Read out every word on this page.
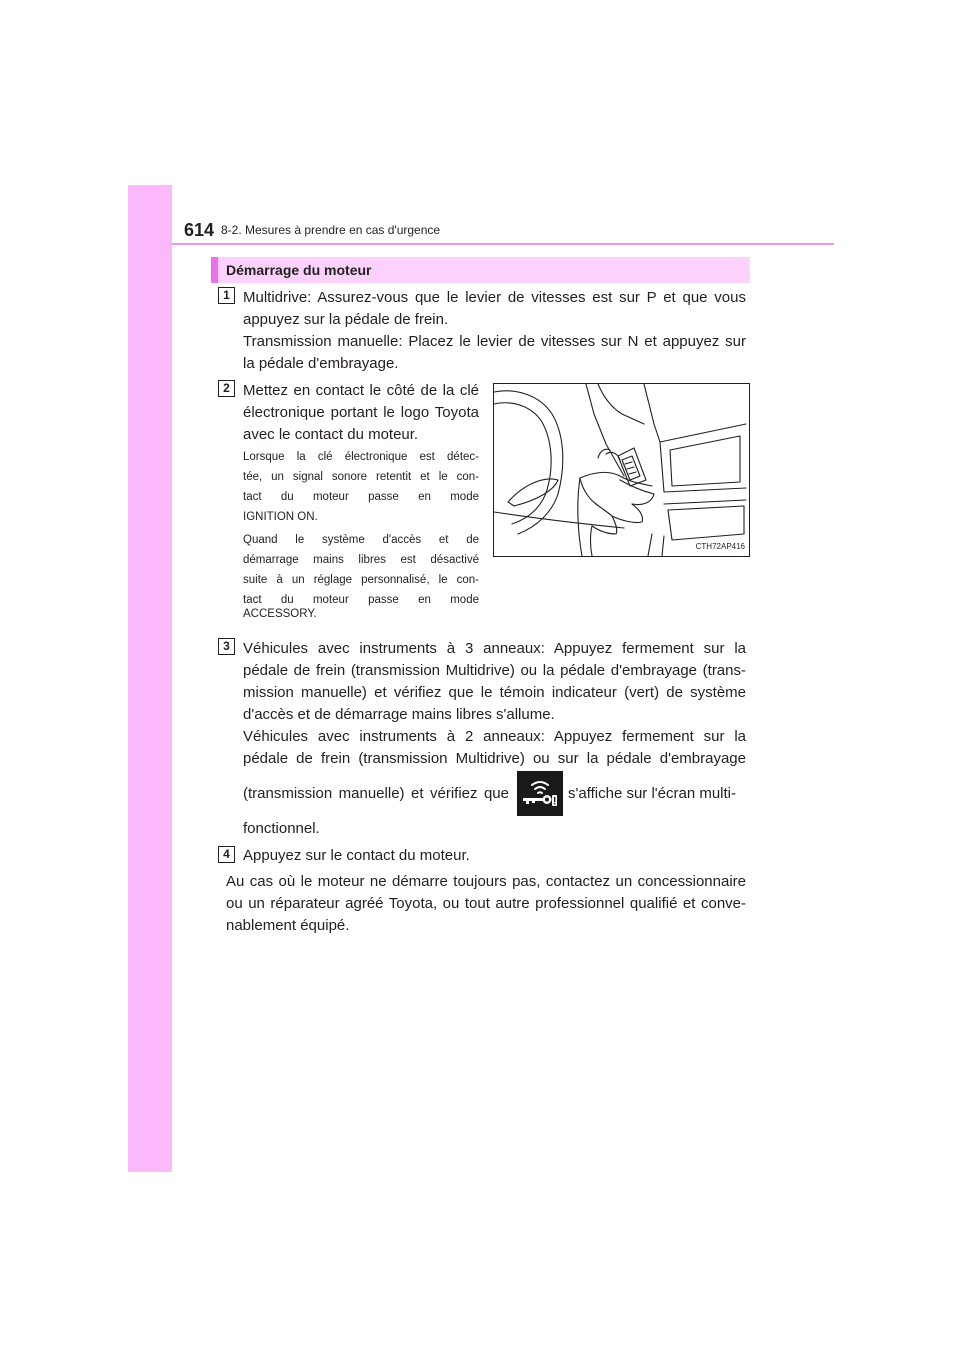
614 8-2. Mesures à prendre en cas d'urgence
Démarrage du moteur
1 Multidrive: Assurez-vous que le levier de vitesses est sur P et que vous
appuyez sur la pédale de frein.
Transmission manuelle: Placez le levier de vitesses sur N et appuyez sur
la pédale d'embrayage.
2 Mettez en contact le côté de la clé
électronique portant le logo Toyota
avec le contact du moteur.
Lorsque la clé électronique est détec-
tée, un signal sonore retentit et le con-
tact du moteur passe en mode
IGNITION ON.
Quand le système d'accès et de
démarrage mains libres est désactivé
suite à un réglage personnalisé, le con-
tact du moteur passe en mode
ACCESSORY.
CTH72AP416
3 Véhicules avec instruments à 3 anneaux: Appuyez fermement sur la
pédale de frein (transmission Multidrive) ou la pédale d'embrayage (trans-
mission manuelle) et vérifiez que le témoin indicateur (vert) de système
d'accès et de démarrage mains libres s'allume.
Véhicules avec instruments à 2 anneaux: Appuyez fermement sur la
pédale de frein (transmission Multidrive) ou sur la pédale d'embrayage
(transmission manuelle) et vérifiez que	s'affiche sur l'écran multi-
fonctionnel.
4 Appuyez sur le contact du moteur.
Au cas où le moteur ne démarre toujours pas, contactez un concessionnaire
ou un réparateur agréé Toyota, ou tout autre professionnel qualifié et conve-
nablement équipé.
